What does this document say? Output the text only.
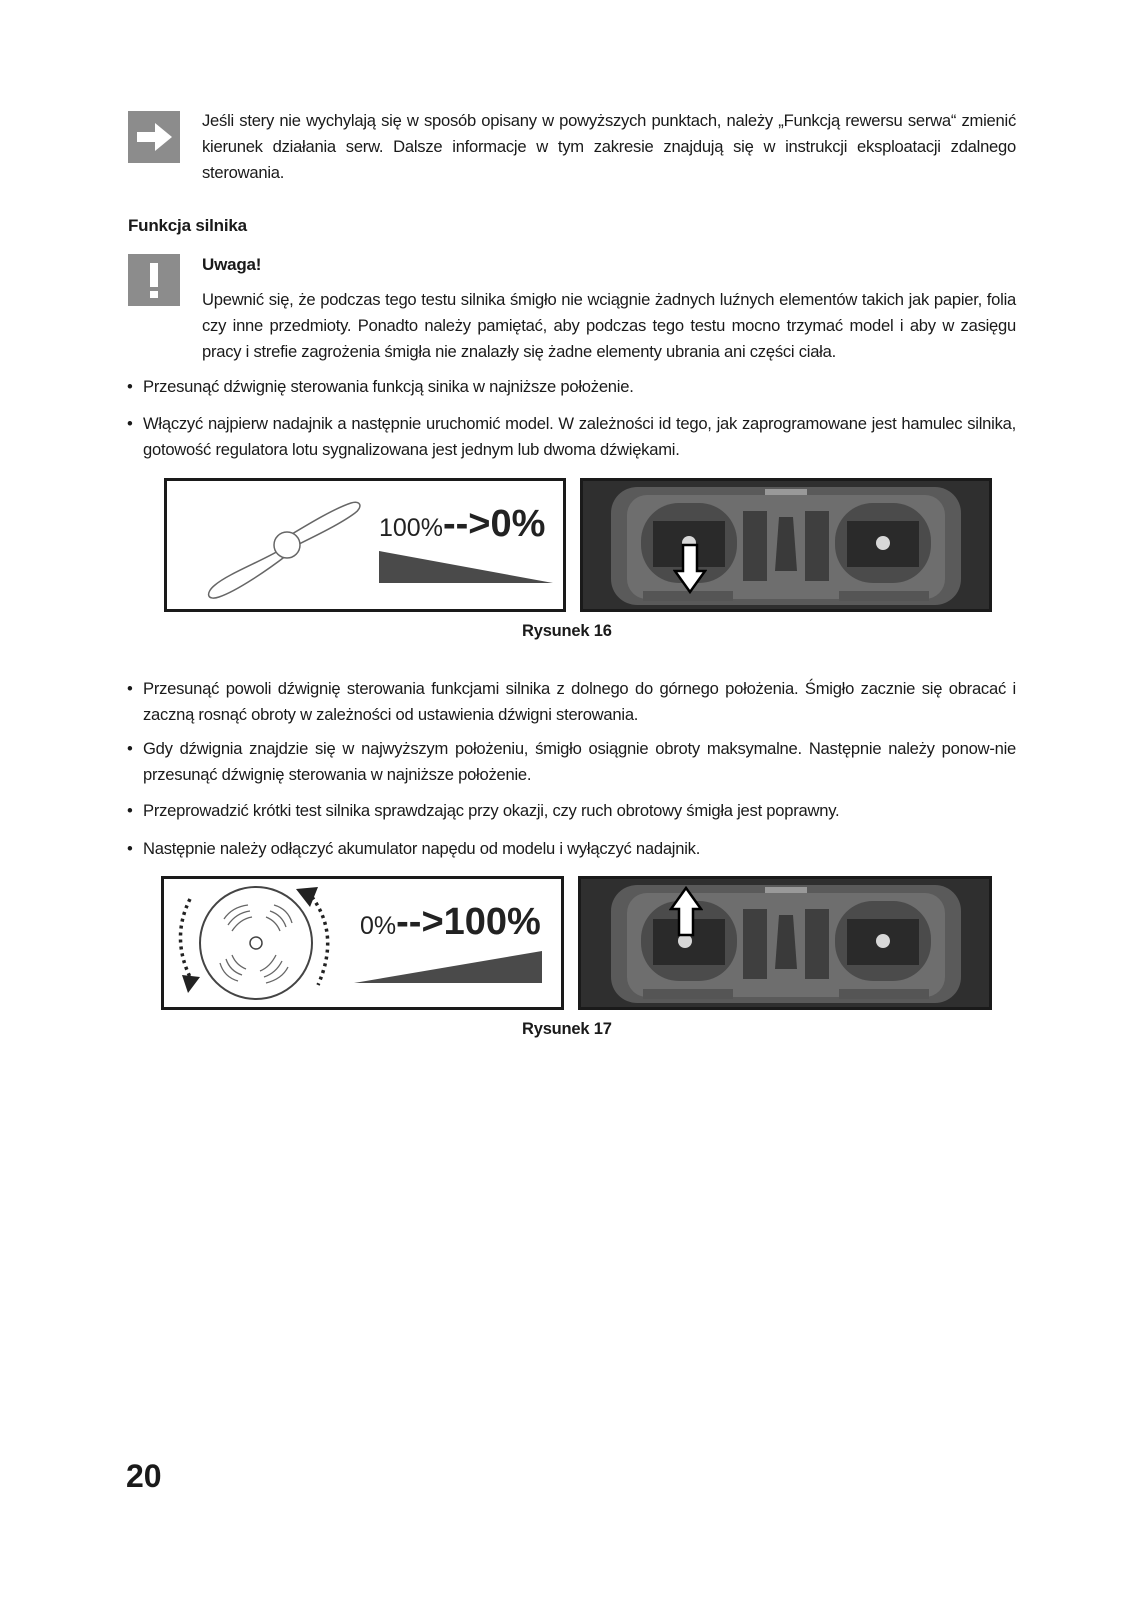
Jeśli stery nie wychylają się w sposób opisany w powyższych punktach, należy „Funkcją rewersu serwa“ zmienić kierunek działania serw. Dalsze informacje w tym zakresie znajdują się w instrukcji eksploatacji zdalnego sterowania.
Funkcja silnika
Uwaga!
Upewnić się, że podczas tego testu silnika śmigło nie wciągnie żadnych luźnych elementów takich jak papier, folia czy inne przedmioty. Ponadto należy pamiętać, aby podczas tego testu mocno trzymać model i aby w zasięgu pracy i strefie zagrożenia śmigła nie znalazły się żadne elementy ubrania ani części ciała.
• Przesunąć dźwignię sterowania funkcją sinika w najniższe położenie.
• Włączyć najpierw nadajnik a następnie uruchomić model. W zależności id tego, jak zaprogramowane jest hamulec silnika, gotowość regulatora lotu sygnalizowana jest jednym lub dwoma dźwiękami.
100%-->0%
Rysunek 16
• Przesunąć powoli dźwignię sterowania funkcjami silnika z dolnego do górnego położenia. Śmigło zacznie się obracać i zaczną rosnąć obroty w zależności od ustawienia dźwigni sterowania.
• Gdy dźwignia znajdzie się w najwyższym położeniu, śmigło osiągnie obroty maksymalne. Następnie należy ponow-nie przesunąć dźwignię sterowania w najniższe położenie.
• Przeprowadzić krótki test silnika sprawdzając przy okazji, czy ruch obrotowy śmigła jest poprawny.
• Następnie należy odłączyć akumulator napędu od modelu i wyłączyć nadajnik.
0%-->100%
Rysunek 17
20
